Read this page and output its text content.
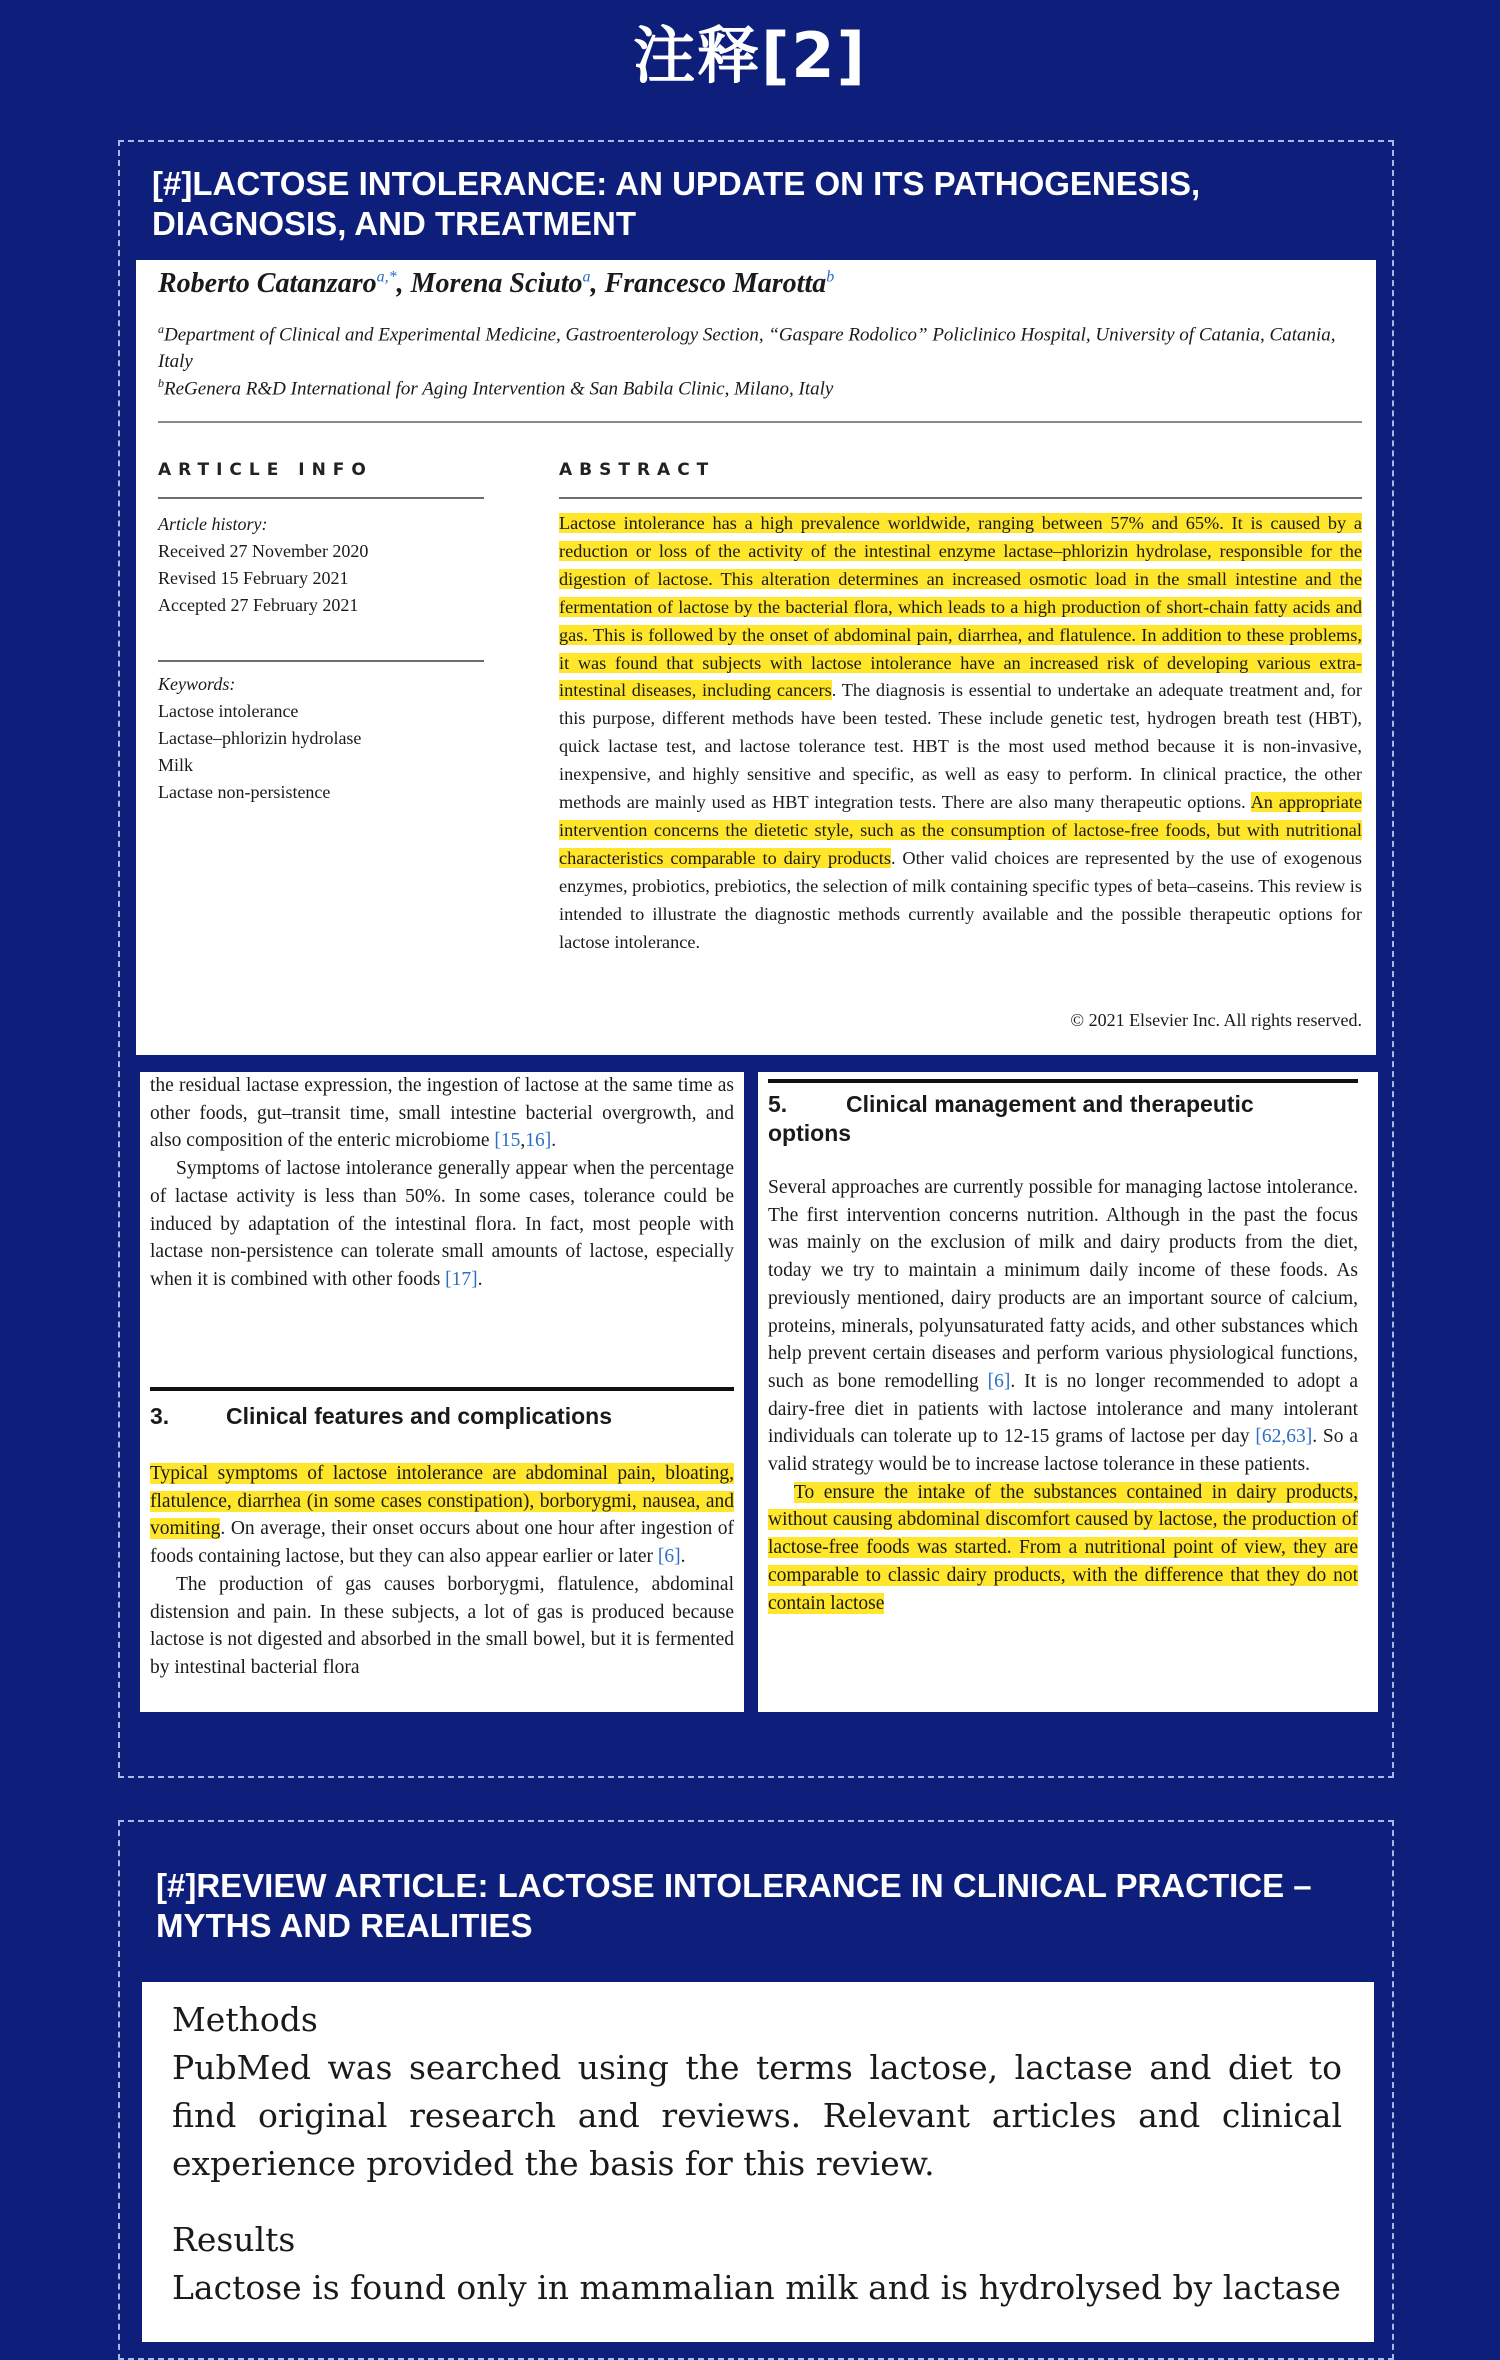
注释[2]
[#]LACTOSE INTOLERANCE: AN UPDATE ON ITS PATHOGENESIS,
DIAGNOSIS, AND TREATMENT
Roberto Catanzaro$^{a,*}$, Morena Sciuto$^a$, Francesco Marotta$^b$
$^a$Department of Clinical and Experimental Medicine, Gastroenterology Section, “Gaspare Rodolico” Policlinico Hospital, University of Catania, Catania, Italy
$^b$ReGenera R&D International for Aging Intervention & San Babila Clinic, Milano, Italy
ARTICLE INFO	ABSTRACT
Article history:
Received 27 November 2020
Revised 15 February 2021
Accepted 27 February 2021
Keywords:
Lactose intolerance
Lactase–phlorizin hydrolase
Milk
Lactase non-persistence
Lactose intolerance has a high prevalence worldwide, ranging between 57% and 65%. It is caused by a reduction or loss of the activity of the intestinal enzyme lactase–phlorizin hydrolase, responsible for the digestion of lactose. This alteration determines an increased osmotic load in the small intestine and the fermentation of lactose by the bacterial flora, which leads to a high production of short-chain fatty acids and gas. This is followed by the onset of abdominal pain, diarrhea, and flatulence. In addition to these problems, it was found that subjects with lactose intolerance have an increased risk of developing various extra-intestinal diseases, including cancers. The diagnosis is essential to undertake an adequate treatment and, for this purpose, different methods have been tested. These include genetic test, hydrogen breath test (HBT), quick lactase test, and lactose tolerance test. HBT is the most used method because it is non-invasive, inexpensive, and highly sensitive and specific, as well as easy to perform. In clinical practice, the other methods are mainly used as HBT integration tests. There are also many therapeutic options. An appropriate intervention concerns the dietetic style, such as the consumption of lactose-free foods, but with nutritional characteristics comparable to dairy products. Other valid choices are represented by the use of exogenous enzymes, probiotics, prebiotics, the selection of milk containing specific types of beta–caseins. This review is intended to illustrate the diagnostic methods currently available and the possible therapeutic options for lactose intolerance.
© 2021 Elsevier Inc. All rights reserved.

the residual lactase expression, the ingestion of lactose at the same time as other foods, gut–transit time, small intestine bacterial overgrowth, and also composition of the enteric microbiome [15,16].

Symptoms of lactose intolerance generally appear when the percentage of lactase activity is less than 50%. In some cases, tolerance could be induced by adaptation of the intestinal flora. In fact, most people with lactase non-persistence can tolerate small amounts of lactose, especially when it is combined with other foods [17].

3. Clinical features and complications

Typical symptoms of lactose intolerance are abdominal pain, bloating, flatulence, diarrhea (in some cases constipation), borborygmi, nausea, and vomiting. On average, their onset occurs about one hour after ingestion of foods containing lactose, but they can also appear earlier or later [6].

The production of gas causes borborygmi, flatulence, abdominal distension and pain. In these subjects, a lot of gas is produced because lactose is not digested and absorbed in the small bowel, but it is fermented by intestinal bacterial flora

5.	Clinical management and therapeutic
options

Several approaches are currently possible for managing lactose intolerance. The first intervention concerns nutrition. Although in the past the focus was mainly on the exclusion of milk and dairy products from the diet, today we try to maintain a minimum daily income of these foods. As previously mentioned, dairy products are an important source of calcium, proteins, minerals, polyunsaturated fatty acids, and other substances which help prevent certain diseases and perform various physiological functions, such as bone remodelling [6]. It is no longer recommended to adopt a dairy-free diet in patients with lactose intolerance and many intolerant individuals can tolerate up to 12-15 grams of lactose per day [62,63]. So a valid strategy would be to increase lactose tolerance in these patients.

To ensure the intake of the substances contained in dairy products, without causing abdominal discomfort caused by lactose, the production of lactose-free foods was started. From a nutritional point of view, they are comparable to classic dairy products, with the difference that they do not contain lactose

[#]REVIEW ARTICLE: LACTOSE INTOLERANCE IN CLINICAL PRACTICE –
MYTHS AND REALITIES
Methods
PubMed was searched using the terms lactose, lactase and diet to find original research and reviews. Relevant articles and clinical experience provided the basis for this review.
Results
Lactose is found only in mammalian milk and is hydrolysed by lactase
